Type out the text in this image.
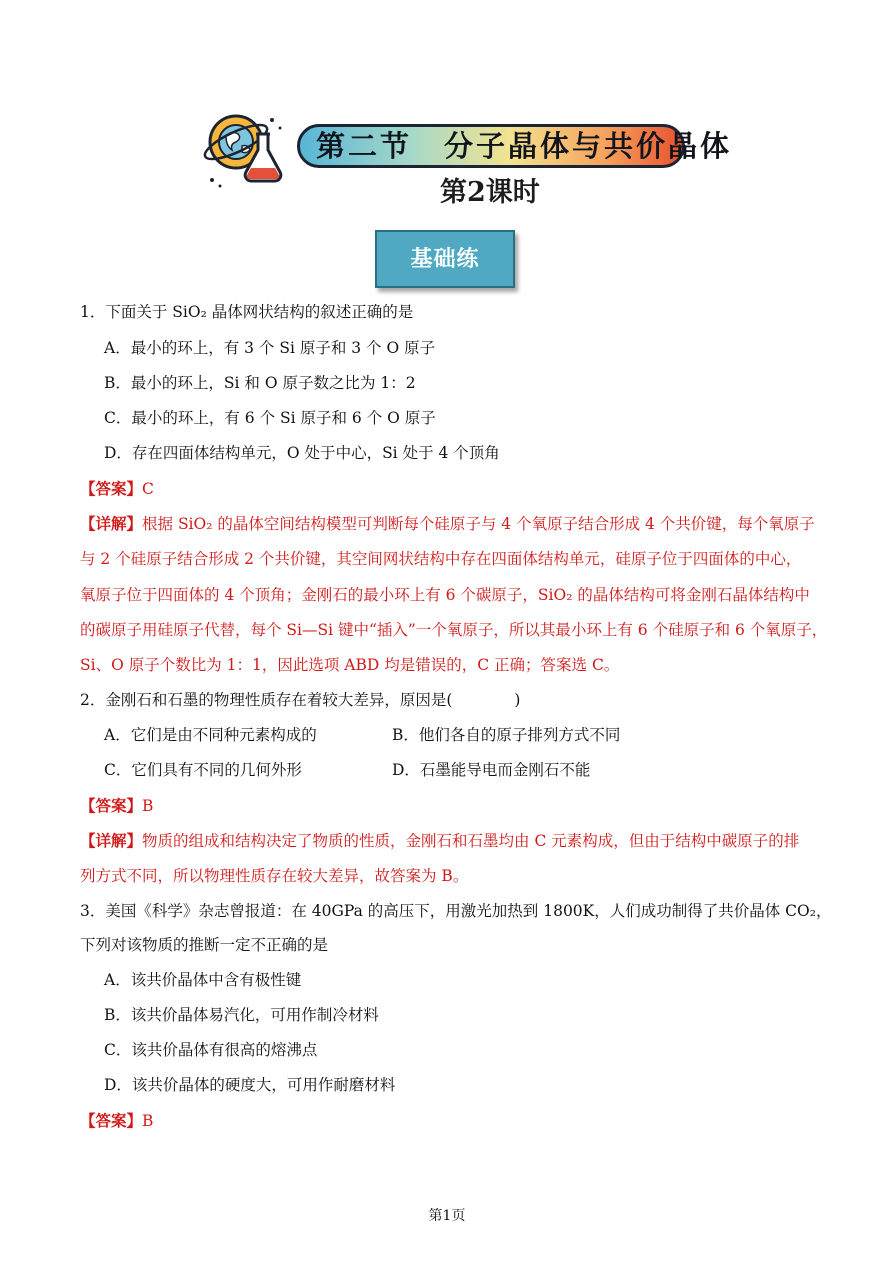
第二节　分子晶体与共价晶体
第2课时
基础练
1．下面关于 SiO₂ 晶体网状结构的叙述正确的是
A．最小的环上，有 3 个 Si 原子和 3 个 O 原子
B．最小的环上，Si 和 O 原子数之比为 1：2
C．最小的环上，有 6 个 Si 原子和 6 个 O 原子
D．存在四面体结构单元，O 处于中心，Si 处于 4 个顶角
【答案】C
【详解】根据 SiO₂ 的晶体空间结构模型可判断每个硅原子与 4 个氧原子结合形成 4 个共价键，每个氧原子
与 2 个硅原子结合形成 2 个共价键，其空间网状结构中存在四面体结构单元，硅原子位于四面体的中心，
氧原子位于四面体的 4 个顶角；金刚石的最小环上有 6 个碳原子，SiO₂ 的晶体结构可将金刚石晶体结构中
的碳原子用硅原子代替，每个 Si—Si 键中“插入”一个氧原子，所以其最小环上有 6 个硅原子和 6 个氧原子，
Si、O 原子个数比为 1：1，因此选项 ABD 均是错误的，C 正确；答案选 C。
2．金刚石和石墨的物理性质存在着较大差异，原因是(　　　　)
A．它们是由不同种元素构成的	B．他们各自的原子排列方式不同
C．它们具有不同的几何外形	D．石墨能导电而金刚石不能
【答案】B
【详解】物质的组成和结构决定了物质的性质，金刚石和石墨均由 C 元素构成，但由于结构中碳原子的排
列方式不同，所以物理性质存在较大差异，故答案为 B。
3．美国《科学》杂志曾报道：在 40GPa 的高压下，用激光加热到 1800K，人们成功制得了共价晶体 CO₂，
下列对该物质的推断一定不正确的是
A．该共价晶体中含有极性键
B．该共价晶体易汽化，可用作制冷材料
C．该共价晶体有很高的熔沸点
D．该共价晶体的硬度大，可用作耐磨材料
【答案】B
第1页
